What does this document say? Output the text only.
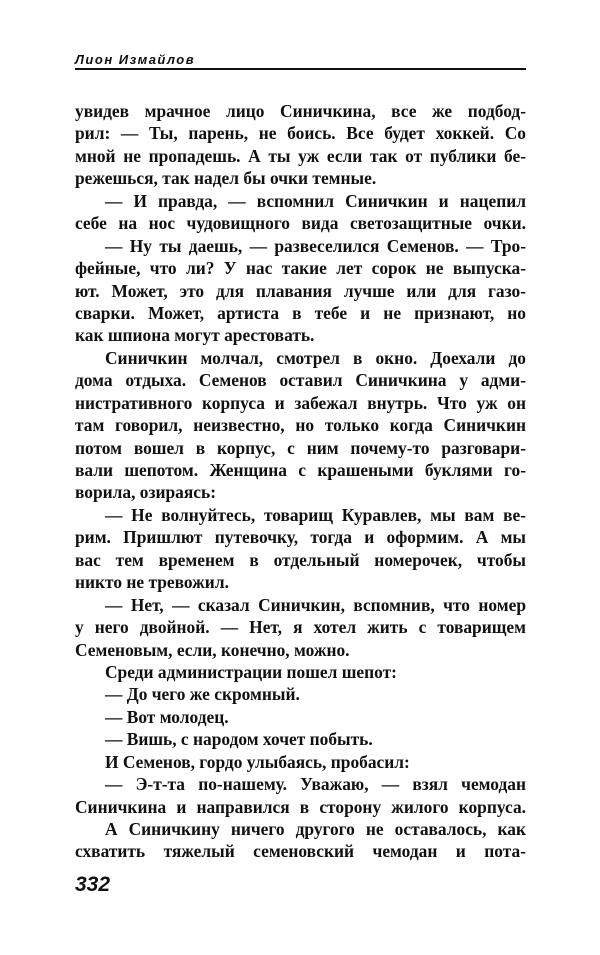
Лион Измайлов
увидев мрачное лицо Синичкина, все же подбод-
рил: — Ты, парень, не боись. Все будет хоккей. Со
мной не пропадешь. А ты уж если так от публики бе-
режешься, так надел бы очки темные.
— И правда, — вспомнил Синичкин и нацепил
себе на нос чудовищного вида светозащитные очки.
— Ну ты даешь, — развеселился Семенов. — Тро-
фейные, что ли? У нас такие лет сорок не выпуска-
ют. Может, это для плавания лучше или для газо-
сварки. Может, артиста в тебе и не признают, но
как шпиона могут арестовать.
Синичкин молчал, смотрел в окно. Доехали до
дома отдыха. Семенов оставил Синичкина у адми-
нистративного корпуса и забежал внутрь. Что уж он
там говорил, неизвестно, но только когда Синичкин
потом вошел в корпус, с ним почему-то разговари-
вали шепотом. Женщина с крашеными буклями го-
ворила, озираясь:
— Не волнуйтесь, товарищ Куравлев, мы вам ве-
рим. Пришлют путевочку, тогда и оформим. А мы
вас тем временем в отдельный номерочек, чтобы
никто не тревожил.
— Нет, — сказал Синичкин, вспомнив, что номер
у него двойной. — Нет, я хотел жить с товарищем
Семеновым, если, конечно, можно.
Среди администрации пошел шепот:
— До чего же скромный.
— Вот молодец.
— Вишь, с народом хочет побыть.
И Семенов, гордо улыбаясь, пробасил:
— Э-т-та по-нашему. Уважаю, — взял чемодан
Синичкина и направился в сторону жилого корпуса.
А Синичкину ничего другого не оставалось, как
схватить тяжелый семеновский чемодан и пота-
332
